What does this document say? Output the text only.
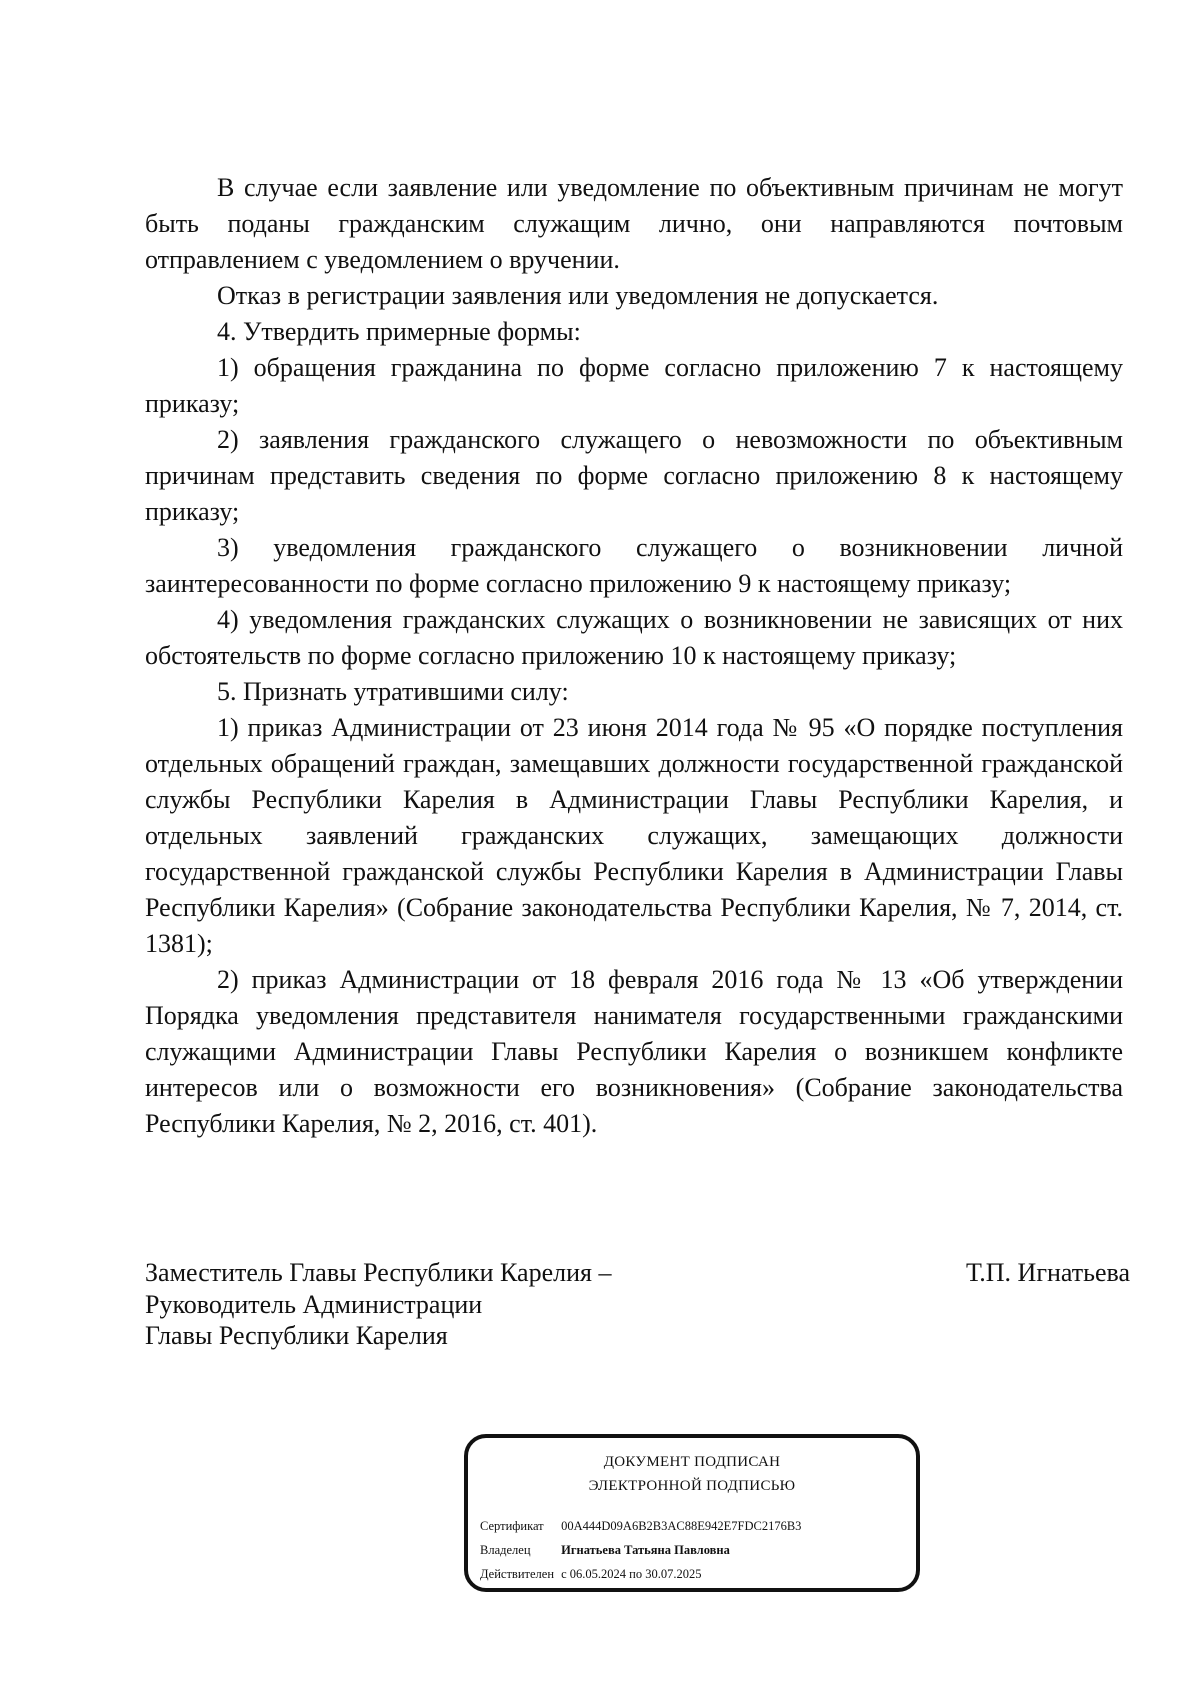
В случае если заявление или уведомление по объективным причинам не могут быть поданы гражданским служащим лично, они направляются почтовым отправлением с уведомлением о вручении.

Отказ в регистрации заявления или уведомления не допускается.

4. Утвердить примерные формы:

1) обращения гражданина по форме согласно приложению 7 к настоящему приказу;

2) заявления гражданского служащего о невозможности по объективным причинам представить сведения по форме согласно приложению 8 к настоящему приказу;

3) уведомления гражданского служащего о возникновении личной заинтересованности по форме согласно приложению 9 к настоящему приказу;

4) уведомления гражданских служащих о возникновении не зависящих от них обстоятельств по форме согласно приложению 10 к настоящему приказу;

5. Признать утратившими силу:

1) приказ Администрации от 23 июня 2014 года № 95 «О порядке поступления отдельных обращений граждан, замещавших должности государственной гражданской службы Республики Карелия в Администрации Главы Республики Карелия, и отдельных заявлений гражданских служащих, замещающих должности государственной гражданской службы Республики Карелия в Администрации Главы Республики Карелия» (Собрание законодательства Республики Карелия, № 7, 2014, ст. 1381);

2) приказ Администрации от 18 февраля 2016 года № 13 «Об утверждении Порядка уведомления представителя нанимателя государственными гражданскими служащими Администрации Главы Республики Карелия о возникшем конфликте интересов или о возможности его возникновения» (Собрание законодательства Республики Карелия, № 2, 2016, ст. 401).

Заместитель Главы Республики Карелия –
Руководитель Администрации
Главы Республики Карелия
Т.П. Игнатьева
ДОКУМЕНТ ПОДПИСАН
ЭЛЕКТРОННОЙ ПОДПИСЬЮ
Сертификат 00A444D09A6B2B3AC88E942E7FDC2176B3
Владелец Игнатьева Татьяна Павловна
Действителен с 06.05.2024 по 30.07.2025
